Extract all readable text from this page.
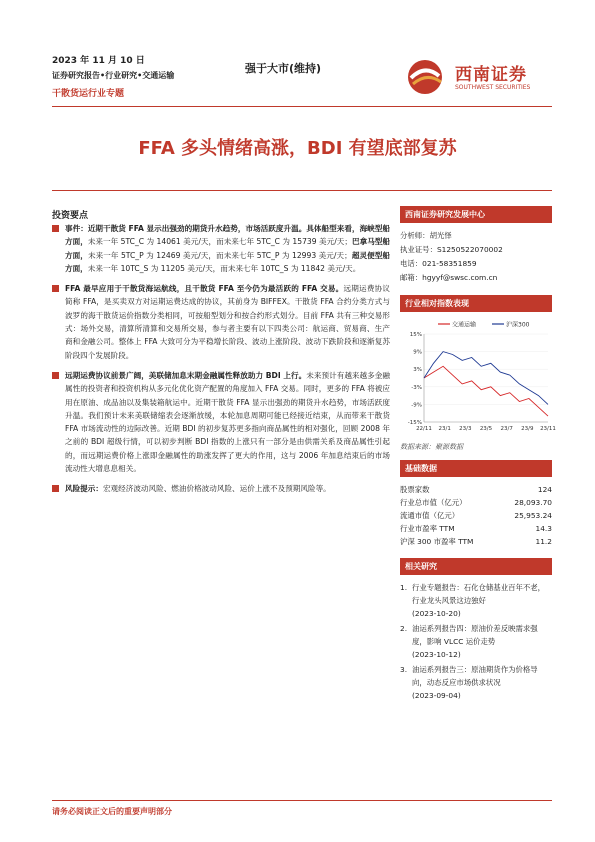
2023 年 11 月 10 日
证券研究报告•行业研究•交通运输
干散货运行业专题
强于大市(维持)	西南证券
SOUTHWEST SECURITIES
FFA 多头情绪高涨，BDI 有望底部复苏
投资要点
事件：近期干散货 FFA 显示出强劲的期货升水趋势，市场活跃度升温。具体船型来看，海峡型船方面，未来一年 5TC_C 为 14061 美元/天，而未来七年 5TC_C 为 15739 美元/天；巴拿马型船方面，未来一年 5TC_P 为 12469 美元/天，而未来七年 5TC_P 为 12993 美元/天；超灵便型船方面，未来一年 10TC_S 为 11205 美元/天，而未来七年 10TC_S 为 11842 美元/天。
FFA 最早应用于干散货海运航线，且干散货 FFA 至今仍为最活跃的 FFA 交易。远期运费协议简称 FFA，是买卖双方对运期运费达成的协议，其前身为 BIFFEX。干散货 FFA 合约分类方式与波罗的海干散货运价指数分类相同，可按船型划分和按合约形式划分。目前 FFA 共有三种交易形式：场外交易，清算所清算和交易所交易，参与者主要有以下四类公司：航运商、贸易商、生产商和金融公司。整体上 FFA 大致可分为平稳增长阶段、波动上涨阶段、波动下跌阶段和逐渐复苏阶段四个发展阶段。
远期运费协议前景广阔，美联储加息末期金融属性释放助力 BDI 上行。未来预计有越来越多金融属性的投资者和投资机构从多元化优化资产配置的角度加入 FFA 交易。同时，更多的 FFA 将被应用在原油、成品油以及集装箱航运中。近期干散货 FFA 显示出强劲的期货升水趋势，市场活跃度升温。我们预计未来美联储缩表会逐渐放缓，本轮加息周期可能已经接近结束，从而带来干散货 FFA 市场流动性的边际改善。近期 BDI 的初步复苏更多指向商品属性的相对强化，回顾 2008 年之前的 BDI 超级行情，可以初步判断 BDI 指数的上涨只有一部分是由供需关系及商品属性引起的，而远期运费价格上涨即金融属性的助涨发挥了更大的作用，这与 2006 年加息结束后的市场流动性大增息息相关。
风险提示：宏观经济波动风险、燃油价格波动风险、运价上涨不及预期风险等。
西南证券研究发展中心
分析师：胡光怿
执业证号：S1250522070002
电话：021-58351859
邮箱：hgyyf@swsc.com.cn
行业相对指数表现
交通运输	沪深300
15%
9%
3%
-3%
-9%
-15%
22/11 23/1 23/3 23/5 23/7 23/9 23/11
数据来源：聚源数据
基础数据
股票家数	124
行业总市值（亿元）	28,093.70
流通市值（亿元）	25,953.24
行业市盈率 TTM	14.3
沪深 300 市盈率 TTM	11.2
相关研究
1. 行业专题报告：石化仓储基业百年不老，行业龙头风景这边独好
(2023-10-20)
2. 油运系列报告四：原油价差反映需求强度，影响 VLCC 运价走势
(2023-10-12)
3. 油运系列报告三：原油期货作为价格导向，动态反应市场供求状况
(2023-09-04)
请务必阅读正文后的重要声明部分
